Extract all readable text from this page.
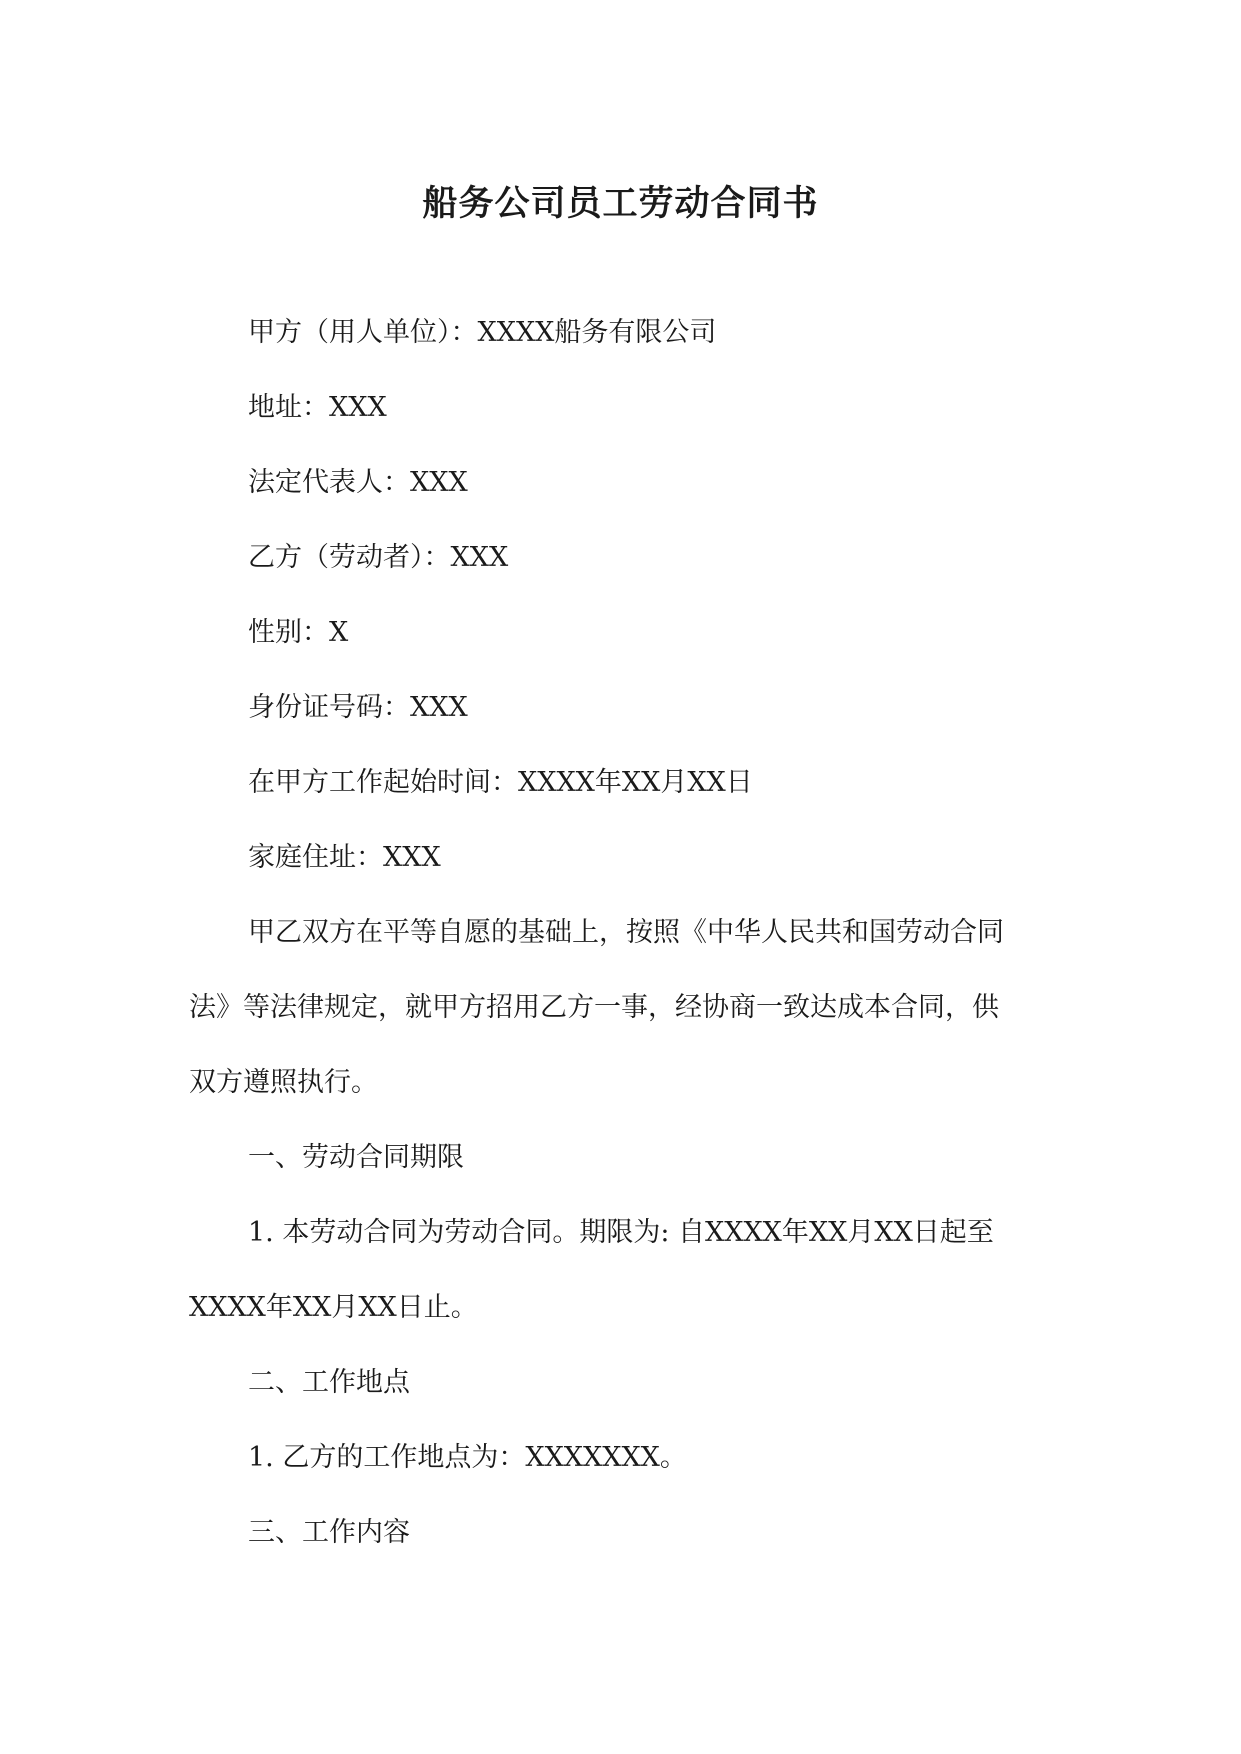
船务公司员工劳动合同书

甲方（用人单位）：XXXX船务有限公司

地址：XXX

法定代表人：XXX

乙方（劳动者）：XXX

性别：X

身份证号码：XXX

在甲方工作起始时间：XXXX年XX月XX日

家庭住址：XXX

甲乙双方在平等自愿的基础上，按照《中华人民共和国劳动合同

法》等法律规定，就甲方招用乙方一事，经协商一致达成本合同，供

双方遵照执行。

一、劳动合同期限

1. 本劳动合同为劳动合同。期限为: 自XXXX年XX月XX日起至

XXXX年XX月XX日止。

二、工作地点

1. 乙方的工作地点为：XXXXXXX。

三、工作内容
